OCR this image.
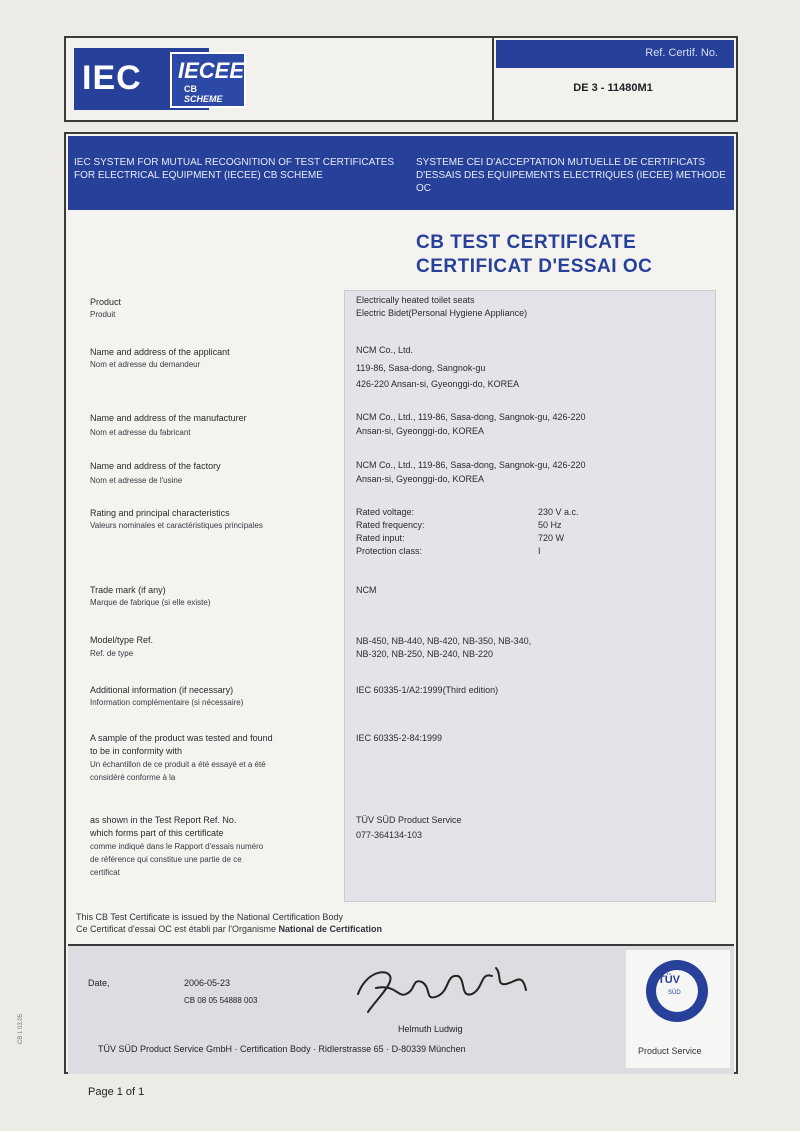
IEC IECEE
CB
SCHEME
Ref. Certif. No.
DE 3 - 11480M1
IEC SYSTEM FOR MUTUAL RECOGNITION OF TEST CERTIFICATES FOR ELECTRICAL EQUIPMENT (IECEE) CB SCHEME
SYSTEME CEI D'ACCEPTATION MUTUELLE DE CERTIFICATS D'ESSAIS DES EQUIPEMENTS ELECTRIQUES (IECEE) METHODE OC
CB TEST CERTIFICATE
CERTIFICAT D'ESSAI OC
Product
Produit
Electrically heated toilet seats
Electric Bidet(Personal Hygiene Appliance)
Name and address of the applicant
Nom et adresse du demandeur
NCM Co., Ltd.
119-86, Sasa-dong, Sangnok-gu
426-220 Ansan-si, Gyeonggi-do, KOREA
Name and address of the manufacturer
Nom et adresse du fabricant
NCM Co., Ltd., 119-86, Sasa-dong, Sangnok-gu, 426-220
Ansan-si, Gyeonggi-do, KOREA
Name and address of the factory
Nom et adresse de l'usine
NCM Co., Ltd., 119-86, Sasa-dong, Sangnok-gu, 426-220
Ansan-si, Gyeonggi-do, KOREA
Rating and principal characteristics
Valeurs nominales et caractéristiques principales
Rated voltage:	230 V a.c.
Rated frequency:	50 Hz
Rated input:	720 W
Protection class:	I
Trade mark (if any)
Marque de fabrique (si elle existe)
NCM
Model/type Ref.
Ref. de type
NB-450, NB-440, NB-420, NB-350, NB-340,
NB-320, NB-250, NB-240, NB-220
Additional information (if necessary)
Information complémentaire (si nécessaire)
IEC 60335-1/A2:1999(Third edition)
A sample of the product was tested and found
to be in conformity with
Un échantillon de ce produit a été essayé et a été
considéré conforme à la
IEC 60335-2-84:1999
as shown in the Test Report Ref. No.
which forms part of this certificate
comme indiqué dans le Rapport d'essais numéro
de référence qui constitue une partie de ce
certificat
TÜV SÜD Product Service
077-364134-103
This CB Test Certificate is issued by the National Certification Body
Ce Certificat d'essai OC est établi par l'Organisme National de Certification
Date,	2006-05-23
CB 08 05 54888 003
Helmuth Ludwig
TÜV SÜD Product Service GmbH · Certification Body · Ridlerstrasse 65 · D-80339 München
TÜV
SÜD
Product Service
Page 1 of 1
CB 1 03.05
